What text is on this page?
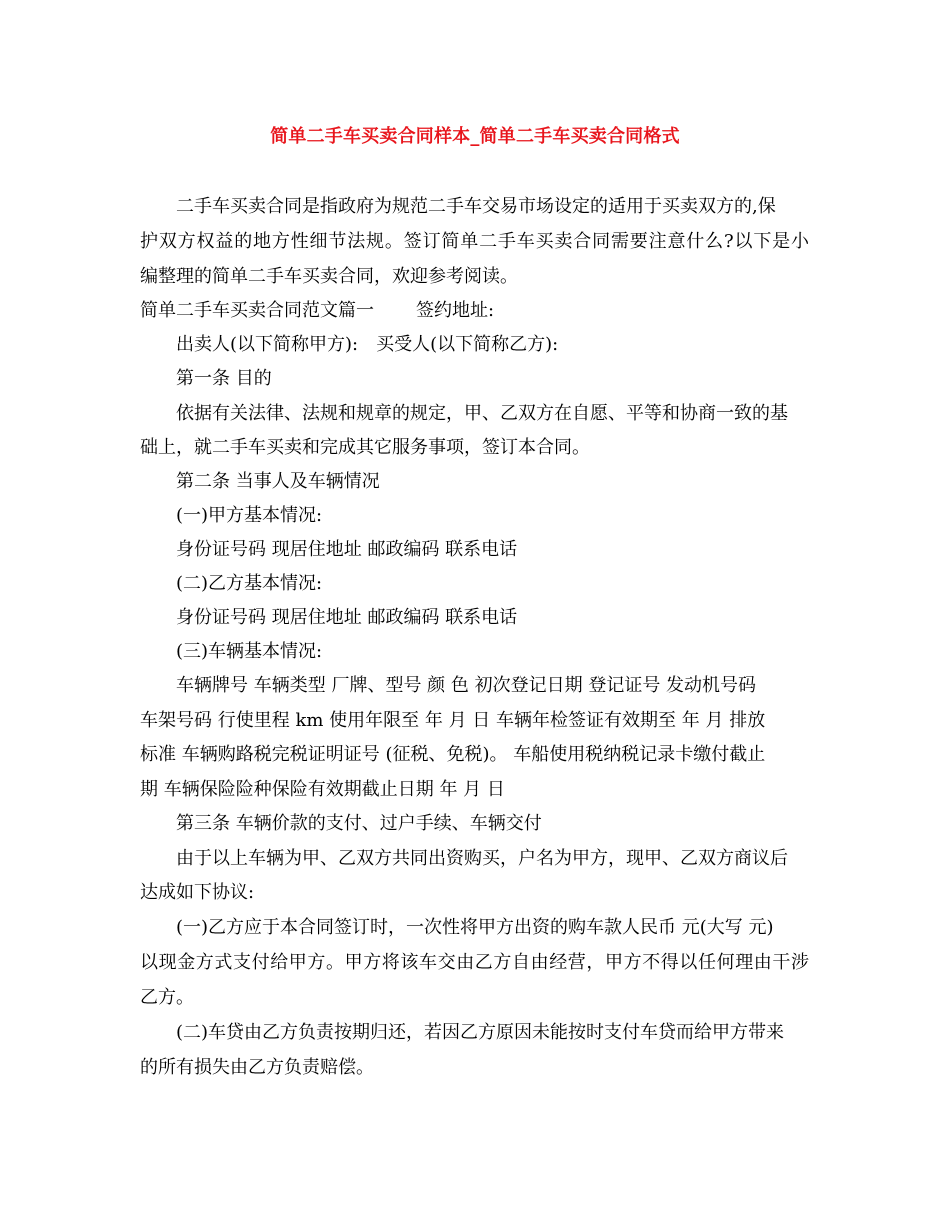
简单二手车买卖合同样本_简单二手车买卖合同格式
二手车买卖合同是指政府为规范二手车交易市场设定的适用于买卖双方的,保
护双方权益的地方性细节法规。签订简单二手车买卖合同需要注意什么?以下是小
编整理的简单二手车买卖合同，欢迎参考阅读。
简单二手车买卖合同范文篇一 签约地址:
出卖人(以下简称甲方):　买受人(以下简称乙方):
第一条 目的
依据有关法律、法规和规章的规定，甲、乙双方在自愿、平等和协商一致的基
础上，就二手车买卖和完成其它服务事项，签订本合同。
第二条 当事人及车辆情况
(一)甲方基本情况:
身份证号码 现居住地址 邮政编码 联系电话
(二)乙方基本情况:
身份证号码 现居住地址 邮政编码 联系电话
(三)车辆基本情况:
车辆牌号 车辆类型 厂牌、型号 颜 色 初次登记日期 登记证号 发动机号码
车架号码 行使里程 km 使用年限至 年 月 日 车辆年检签证有效期至 年 月 排放
标准 车辆购路税完税证明证号 (征税、免税)。 车船使用税纳税记录卡缴付截止
期 车辆保险险种保险有效期截止日期 年 月 日
第三条 车辆价款的支付、过户手续、车辆交付
由于以上车辆为甲、乙双方共同出资购买，户名为甲方，现甲、乙双方商议后
达成如下协议:
(一)乙方应于本合同签订时，一次性将甲方出资的购车款人民币 元(大写 元)
以现金方式支付给甲方。甲方将该车交由乙方自由经营，甲方不得以任何理由干涉
乙方。
(二)车贷由乙方负责按期归还，若因乙方原因未能按时支付车贷而给甲方带来
的所有损失由乙方负责赔偿。
